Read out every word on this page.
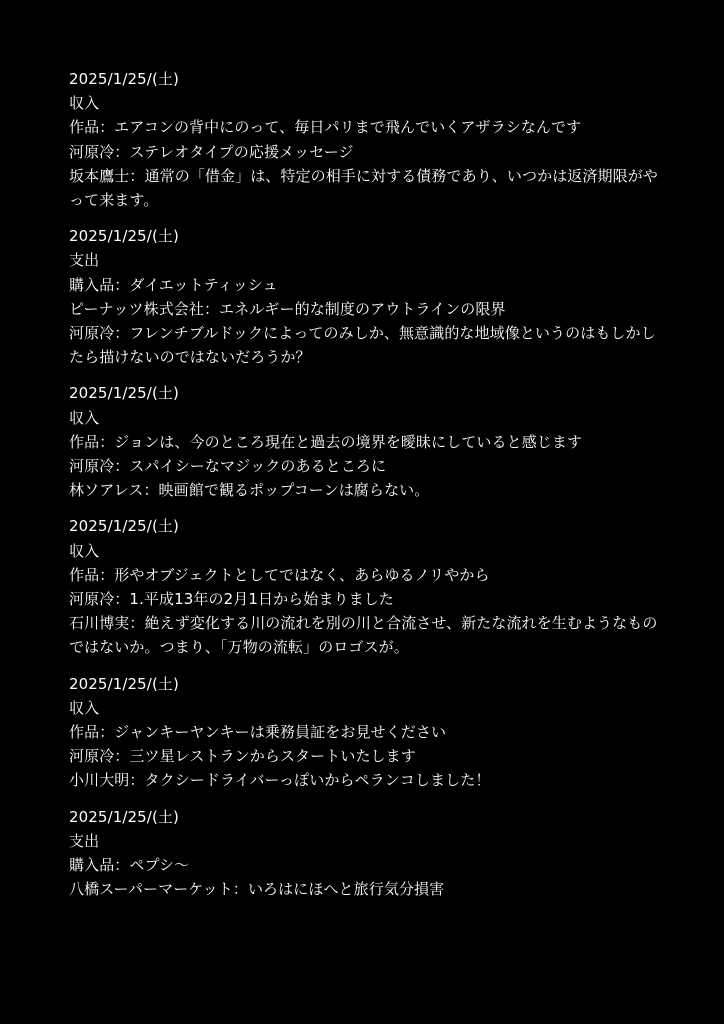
2025/1/25/(土)
収入
作品：エアコンの背中にのって、毎日パリまで飛んでいくアザラシなんです
河原冷：ステレオタイプの応援メッセージ
坂本鷹士：通常の「借金」は、特定の相手に対する債務であり、いつかは返済期限がやって来ます。
2025/1/25/(土)
支出
購入品：ダイエットティッシュ
ピーナッツ株式会社：エネルギー的な制度のアウトラインの限界
河原冷：フレンチブルドックによってのみしか、無意識的な地域像というのはもしかしたら描けないのではないだろうか？
2025/1/25/(土)
収入
作品：ジョンは、今のところ現在と過去の境界を曖昧にしていると感じます
河原冷：スパイシーなマジックのあるところに
林ソアレス：映画館で観るポップコーンは腐らない。
2025/1/25/(土)
収入
作品：形やオブジェクトとしてではなく、あらゆるノリやから
河原冷：1.平成13年の2月1日から始まりました
石川博実：絶えず変化する川の流れを別の川と合流させ、新たな流れを生むようなものではないか。つまり、「万物の流転」のロゴスが。
2025/1/25/(土)
収入
作品：ジャンキーヤンキーは乗務員証をお見せください
河原冷：三ツ星レストランからスタートいたします
小川大明：タクシードライバーっぽいからペランコしました！
2025/1/25/(土)
支出
購入品：ペプシ〜
八橋スーパーマーケット：いろはにほへと旅行気分損害
